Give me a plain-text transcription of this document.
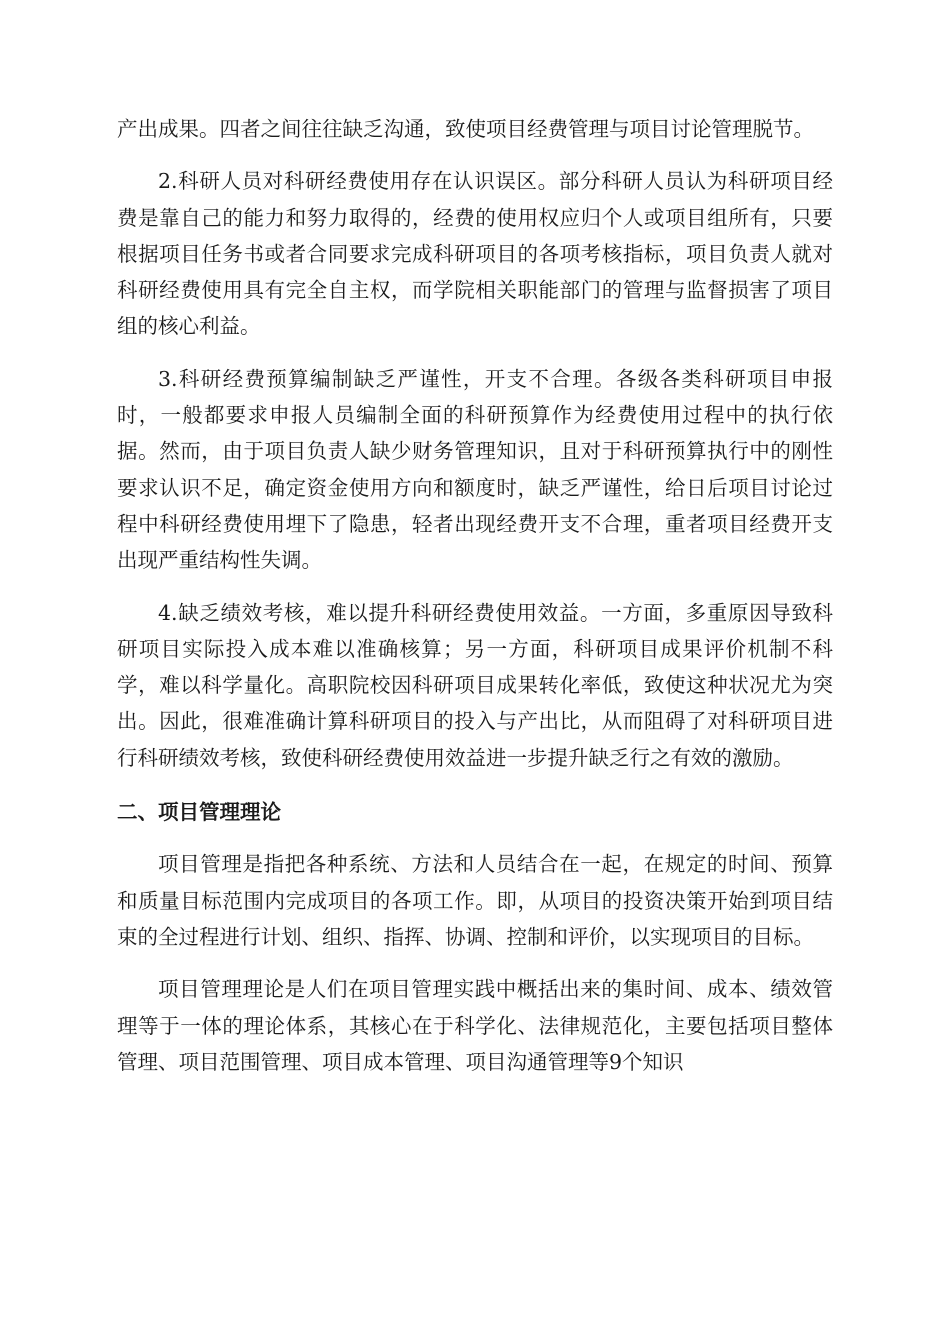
产出成果。四者之间往往缺乏沟通，致使项目经费管理与项目讨论管理脱节。

2.科研人员对科研经费使用存在认识误区。部分科研人员认为科研项目经费是靠自己的能力和努力取得的，经费的使用权应归个人或项目组所有，只要根据项目任务书或者合同要求完成科研项目的各项考核指标，项目负责人就对科研经费使用具有完全自主权，而学院相关职能部门的管理与监督损害了项目组的核心利益。

3.科研经费预算编制缺乏严谨性，开支不合理。各级各类科研项目申报时，一般都要求申报人员编制全面的科研预算作为经费使用过程中的执行依据。然而，由于项目负责人缺少财务管理知识，且对于科研预算执行中的刚性要求认识不足，确定资金使用方向和额度时，缺乏严谨性，给日后项目讨论过程中科研经费使用埋下了隐患，轻者出现经费开支不合理，重者项目经费开支出现严重结构性失调。

4.缺乏绩效考核，难以提升科研经费使用效益。一方面，多重原因导致科研项目实际投入成本难以准确核算；另一方面，科研项目成果评价机制不科学，难以科学量化。高职院校因科研项目成果转化率低，致使这种状况尤为突出。因此，很难准确计算科研项目的投入与产出比，从而阻碍了对科研项目进行科研绩效考核，致使科研经费使用效益进一步提升缺乏行之有效的激励。

二、项目管理理论

项目管理是指把各种系统、方法和人员结合在一起，在规定的时间、预算和质量目标范围内完成项目的各项工作。即，从项目的投资决策开始到项目结束的全过程进行计划、组织、指挥、协调、控制和评价，以实现项目的目标。

项目管理理论是人们在项目管理实践中概括出来的集时间、成本、绩效管理等于一体的理论体系，其核心在于科学化、法律规范化，主要包括项目整体管理、项目范围管理、项目成本管理、项目沟通管理等9个知识
